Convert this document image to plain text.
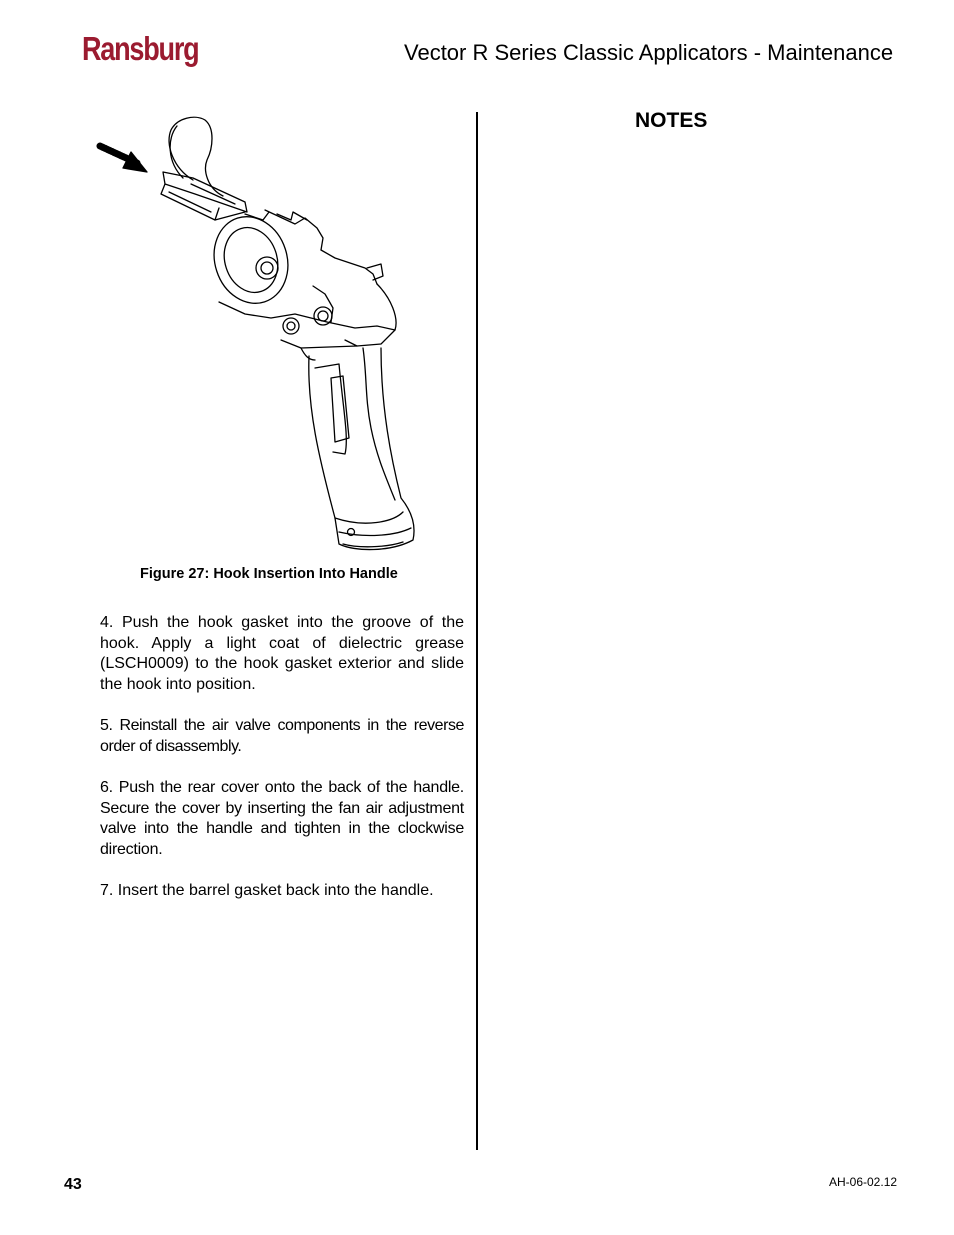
Ransburg	Vector R Series Classic Applicators - Maintenance
Figure 27: Hook Insertion Into Handle
4. Push the hook gasket into the groove of the hook. Apply a light coat of dielectric grease (LSCH0009) to the hook gasket exterior and slide the hook into position.
5. Reinstall the air valve components in the reverse order of disassembly.
6. Push the rear cover onto the back of the handle. Secure the cover by inserting the fan air adjustment valve into the handle and tighten in the clockwise direction.
7. Insert the barrel gasket back into the handle.
NOTES
43	AH-06-02.12
